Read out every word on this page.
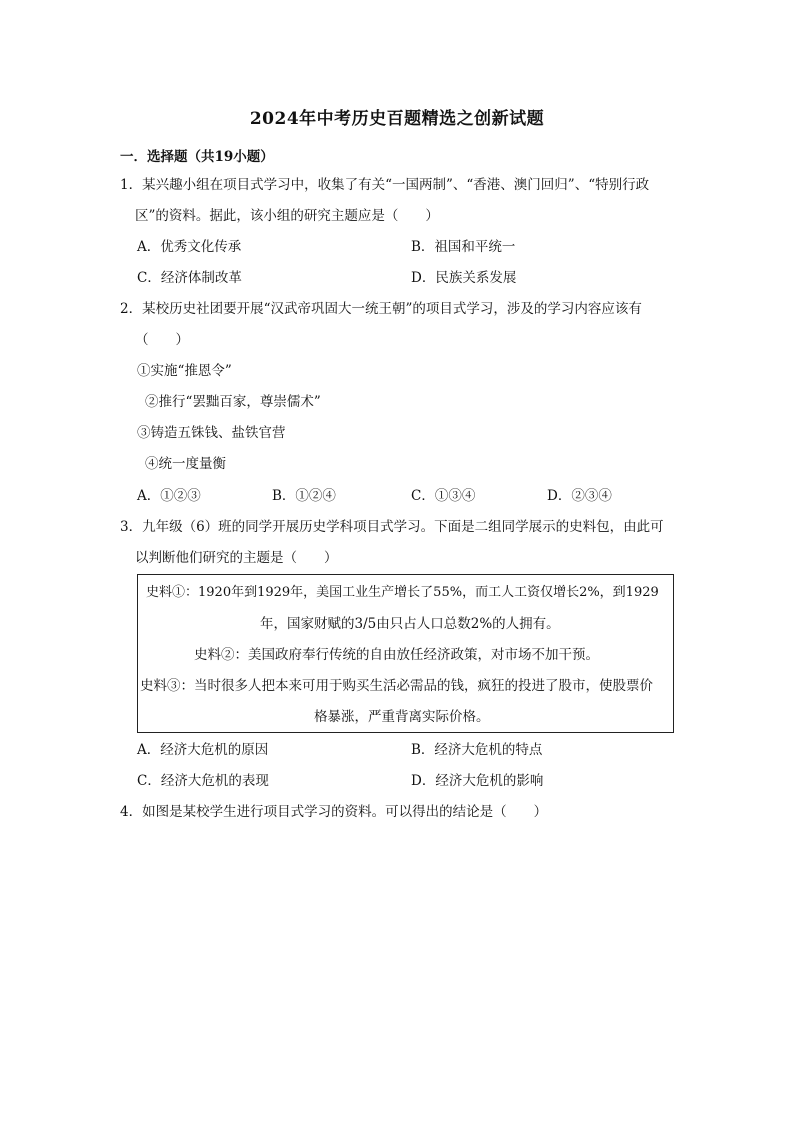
2024年中考历史百题精选之创新试题
一．选择题（共19小题）
1．某兴趣小组在项目式学习中，收集了有关“一国两制”、“香港、澳门回归”、“特别行政
区”的资料。据此，该小组的研究主题应是（　　）
A．优秀文化传承	B．祖国和平统一
C．经济体制改革	D．民族关系发展
2．某校历史社团要开展“汉武帝巩固大一统王朝”的项目式学习，涉及的学习内容应该有
（　　）
①实施“推恩令”
②推行“罢黜百家，尊崇儒术”
③铸造五铢钱、盐铁官营
④统一度量衡
A．①②③	B．①②④	C．①③④	D．②③④
3．九年级（6）班的同学开展历史学科项目式学习。下面是二组同学展示的史料包，由此可
以判断他们研究的主题是（　　）
史料①：1920年到1929年，美国工业生产增长了55%，而工人工资仅增长2%，到1929
年，国家财赋的3/5由只占人口总数2%的人拥有。
史料②：美国政府奉行传统的自由放任经济政策，对市场不加干预。
史料③：当时很多人把本来可用于购买生活必需品的钱，疯狂的投进了股市，使股票价
格暴涨，严重背离实际价格。
A．经济大危机的原因	B．经济大危机的特点
C．经济大危机的表现	D．经济大危机的影响
4．如图是某校学生进行项目式学习的资料。可以得出的结论是（　　）
